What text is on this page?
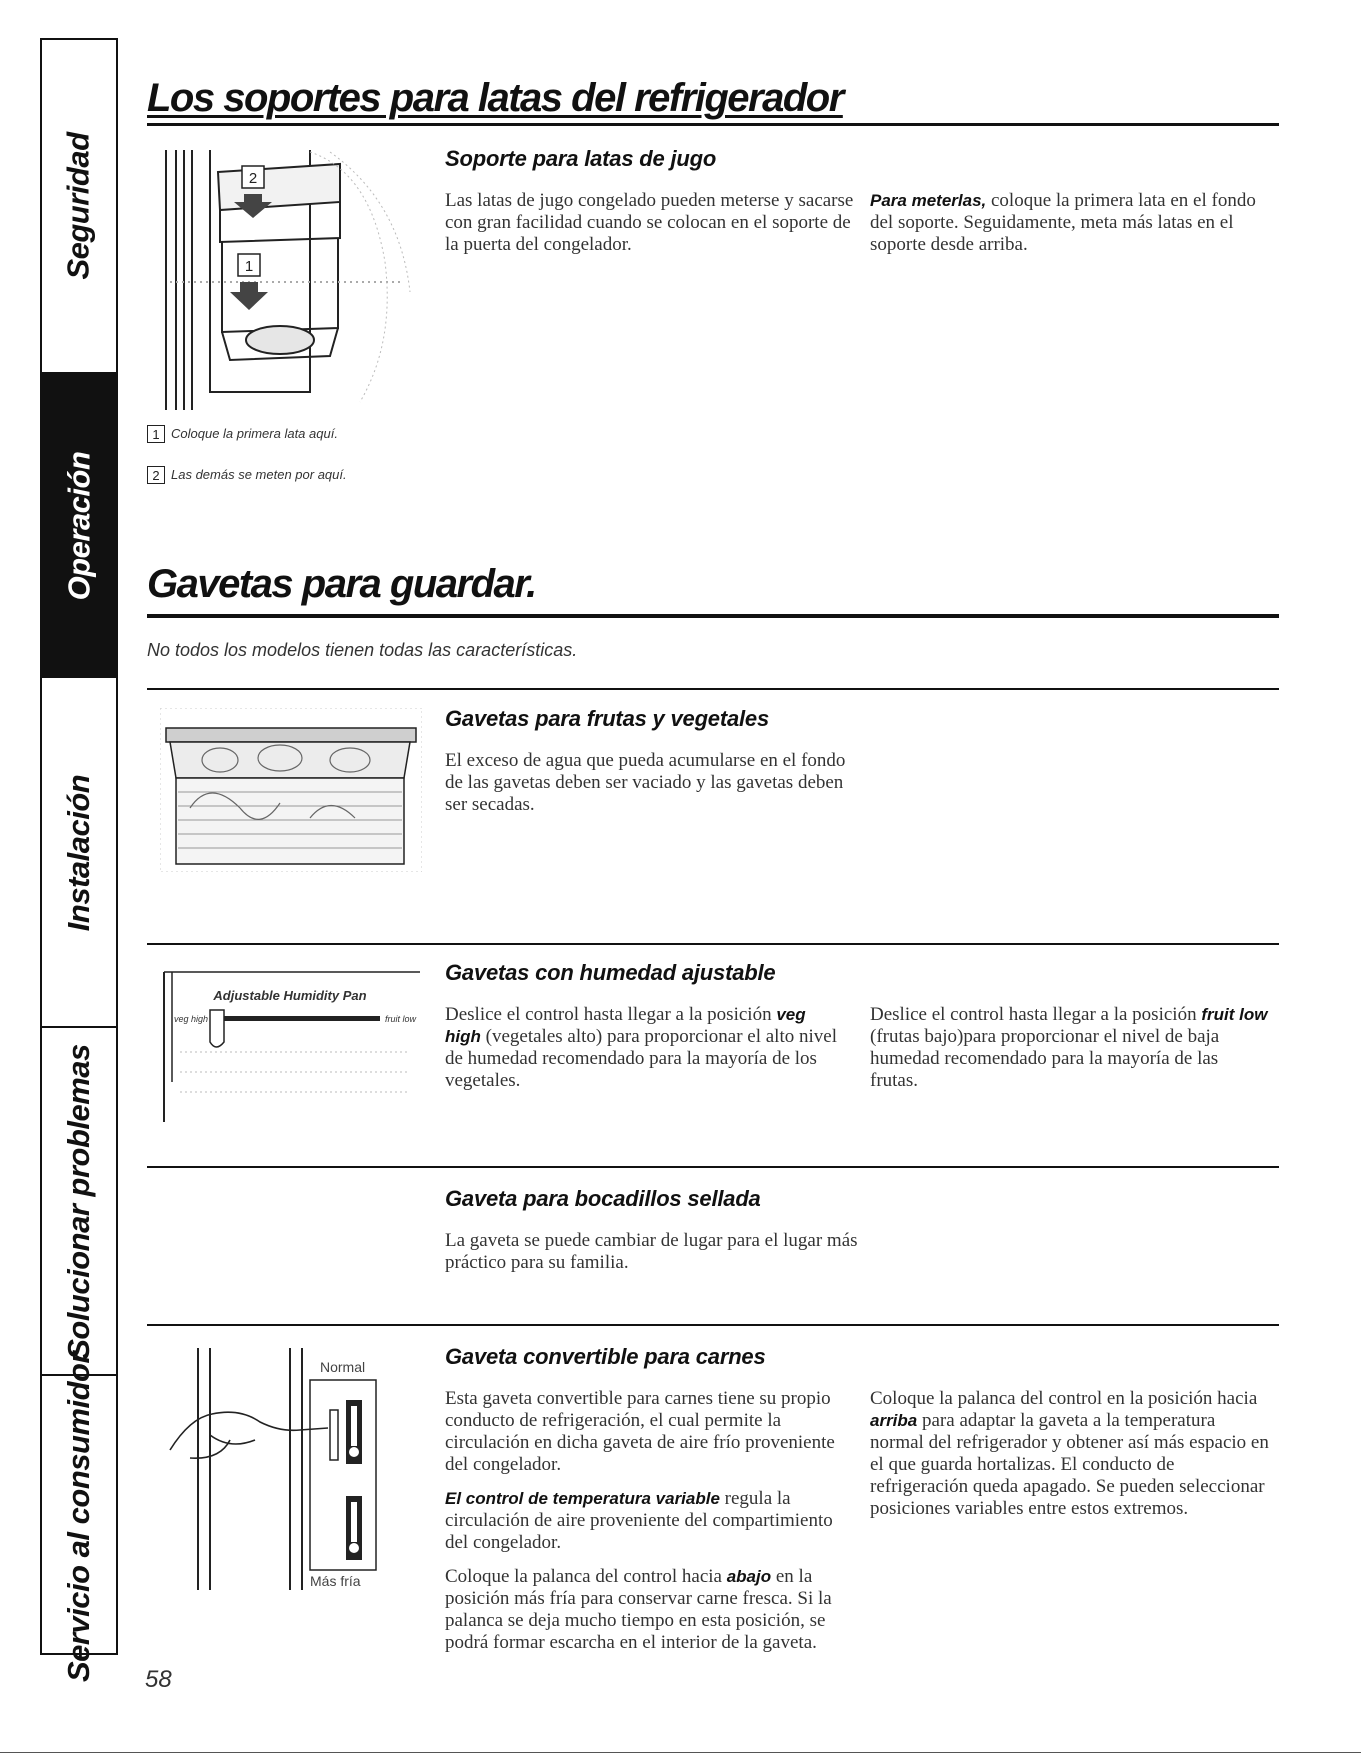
Seguridad
Operación
Instalación
Solucionar problemas
Servicio al consumidor
Los soportes para latas del refrigerador
2
1
1 Coloque la primera lata aquí.
2 Las demás se meten por aquí.
Soporte para latas de jugo

Las latas de jugo congelado pueden meterse y sacarse con gran facilidad cuando se colocan en el soporte de la puerta del congelador.

Para meterlas, coloque la primera lata en el fondo del soporte. Seguidamente, meta más latas en el soporte desde arriba.

Gavetas para guardar.
No todos los modelos tienen todas las características.
Gavetas para frutas y vegetales

El exceso de agua que pueda acumularse en el fondo de las gavetas deben ser vaciado y las gavetas deben ser secadas.

Adjustable Humidity Pan
veg high	fruit low
Gavetas con humedad ajustable

Deslice el control hasta llegar a la posición veg high (vegetales alto) para proporcionar el alto nivel de humedad recomendado para la mayoría de los vegetales.

Deslice el control hasta llegar a la posición fruit low (frutas bajo)para proporcionar el nivel de baja humedad recomendado para la mayoría de las frutas.

Gaveta para bocadillos sellada

La gaveta se puede cambiar de lugar para el lugar más práctico para su familia.

Normal
Más fría
Gaveta convertible para carnes

Esta gaveta convertible para carnes tiene su propio conducto de refrigeración, el cual permite la circulación en dicha gaveta de aire frío proveniente del congelador.

El control de temperatura variable regula la circulación de aire proveniente del compartimiento del congelador.

Coloque la palanca del control hacia abajo en la posición más fría para conservar carne fresca. Si la palanca se deja mucho tiempo en esta posición, se podrá formar escarcha en el interior de la gaveta.

Coloque la palanca del control en la posición hacia arriba para adaptar la gaveta a la temperatura normal del refrigerador y obtener así más espacio en el que guarda hortalizas. El conducto de refrigeración queda apagado. Se pueden seleccionar posiciones variables entre estos extremos.

58
